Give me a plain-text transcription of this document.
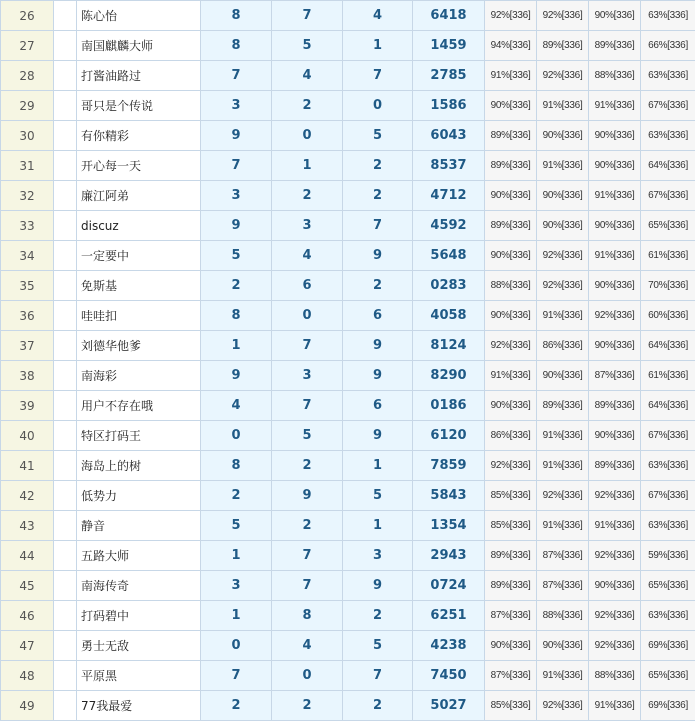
26		陈心怡	8	7	4	6418	92%[336]	92%[336]	90%[336]	63%[336]
27		南国麒麟大师	8	5	1	1459	94%[336]	89%[336]	89%[336]	66%[336]
28		打酱油路过	7	4	7	2785	91%[336]	92%[336]	88%[336]	63%[336]
29		哥只是个传说	3	2	0	1586	90%[336]	91%[336]	91%[336]	67%[336]
30		有你精彩	9	0	5	6043	89%[336]	90%[336]	90%[336]	63%[336]
31		开心每一天	7	1	2	8537	89%[336]	91%[336]	90%[336]	64%[336]
32		廉江阿弟	3	2	2	4712	90%[336]	90%[336]	91%[336]	67%[336]
33		discuz	9	3	7	4592	89%[336]	90%[336]	90%[336]	65%[336]
34		一定要中	5	4	9	5648	90%[336]	92%[336]	91%[336]	61%[336]
35		免斯基	2	6	2	0283	88%[336]	92%[336]	90%[336]	70%[336]
36		哇哇扣	8	0	6	4058	90%[336]	91%[336]	92%[336]	60%[336]
37		刘德华他爹	1	7	9	8124	92%[336]	86%[336]	90%[336]	64%[336]
38		南海彩	9	3	9	8290	91%[336]	90%[336]	87%[336]	61%[336]
39		用户不存在哦	4	7	6	0186	90%[336]	89%[336]	89%[336]	64%[336]
40		特区打码王	0	5	9	6120	86%[336]	91%[336]	90%[336]	67%[336]
41		海岛上的树	8	2	1	7859	92%[336]	91%[336]	89%[336]	63%[336]
42		低势力	2	9	5	5843	85%[336]	92%[336]	92%[336]	67%[336]
43		静音	5	2	1	1354	85%[336]	91%[336]	91%[336]	63%[336]
44		五路大师	1	7	3	2943	89%[336]	87%[336]	92%[336]	59%[336]
45		南海传奇	3	7	9	0724	89%[336]	87%[336]	90%[336]	65%[336]
46		打码碧中	1	8	2	6251	87%[336]	88%[336]	92%[336]	63%[336]
47		勇士无敌	0	4	5	4238	90%[336]	90%[336]	92%[336]	69%[336]
48		平原黑	7	0	7	7450	87%[336]	91%[336]	88%[336]	65%[336]
49		77我最爱	2	2	2	5027	85%[336]	92%[336]	91%[336]	69%[336]
